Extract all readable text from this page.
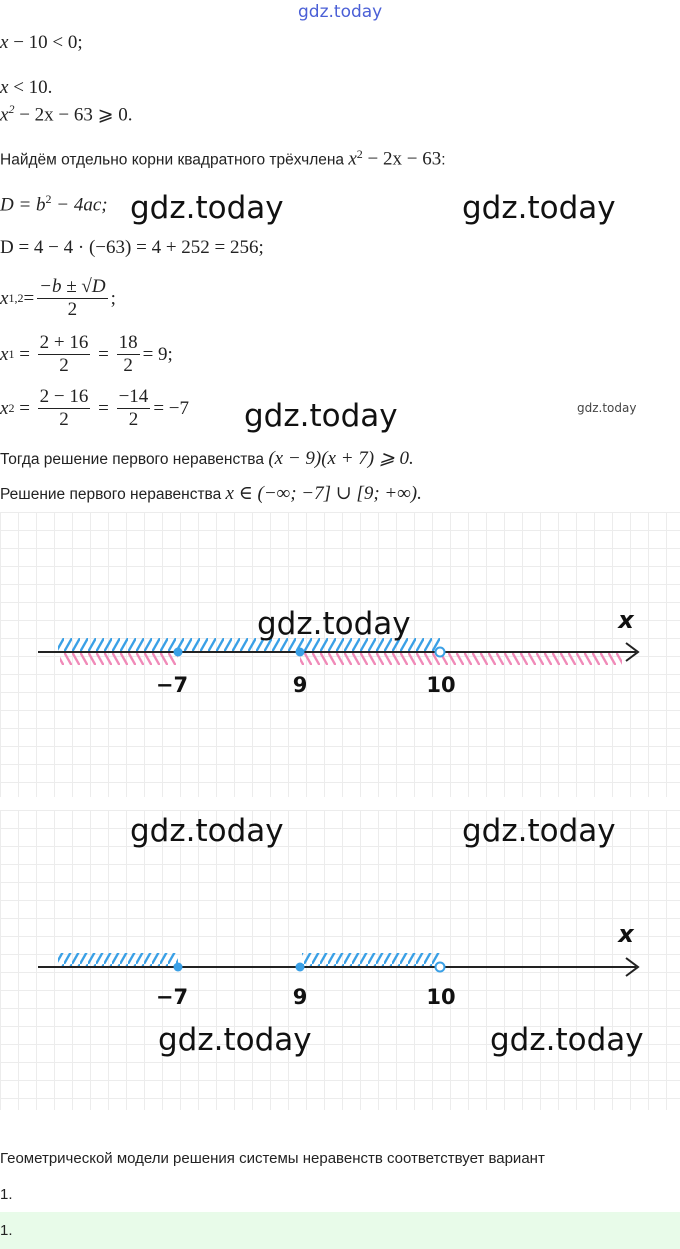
gdz.today
x − 10 < 0;
x < 10.
$x^2 - 2x - 63$ ⩾ 0.
Найдём отдельно корни квадратного трёхчлена $x^2 - 2x - 63$:
$D = b^2 - 4ac$; gdz.today	gdz.today
D = 4 − 4 · (−63) = 4 + 252 = 256;
x $1,2 = \frac{-b \pm √D}{2}$ ;
x $1 = \frac{2 + 16}{2} = \frac{18}{2} = 9$;
x $2 = \frac{2 - 16}{2} = \frac{-14}{2} = -7$ gdz.today	gdz.today
Тогда решение первого неравенства (x − 9)(x + 7) ⩾ 0.
Решение первого неравенства x ∈ (−∞; −7] ∪ [9; +∞).
−7	9	10
x
gdz.today
−7	9	10
x
gdz.today	gdz.today
gdz.today	gdz.today
Геометрической модели решения системы неравенств соответствует вариант
1.
1.
